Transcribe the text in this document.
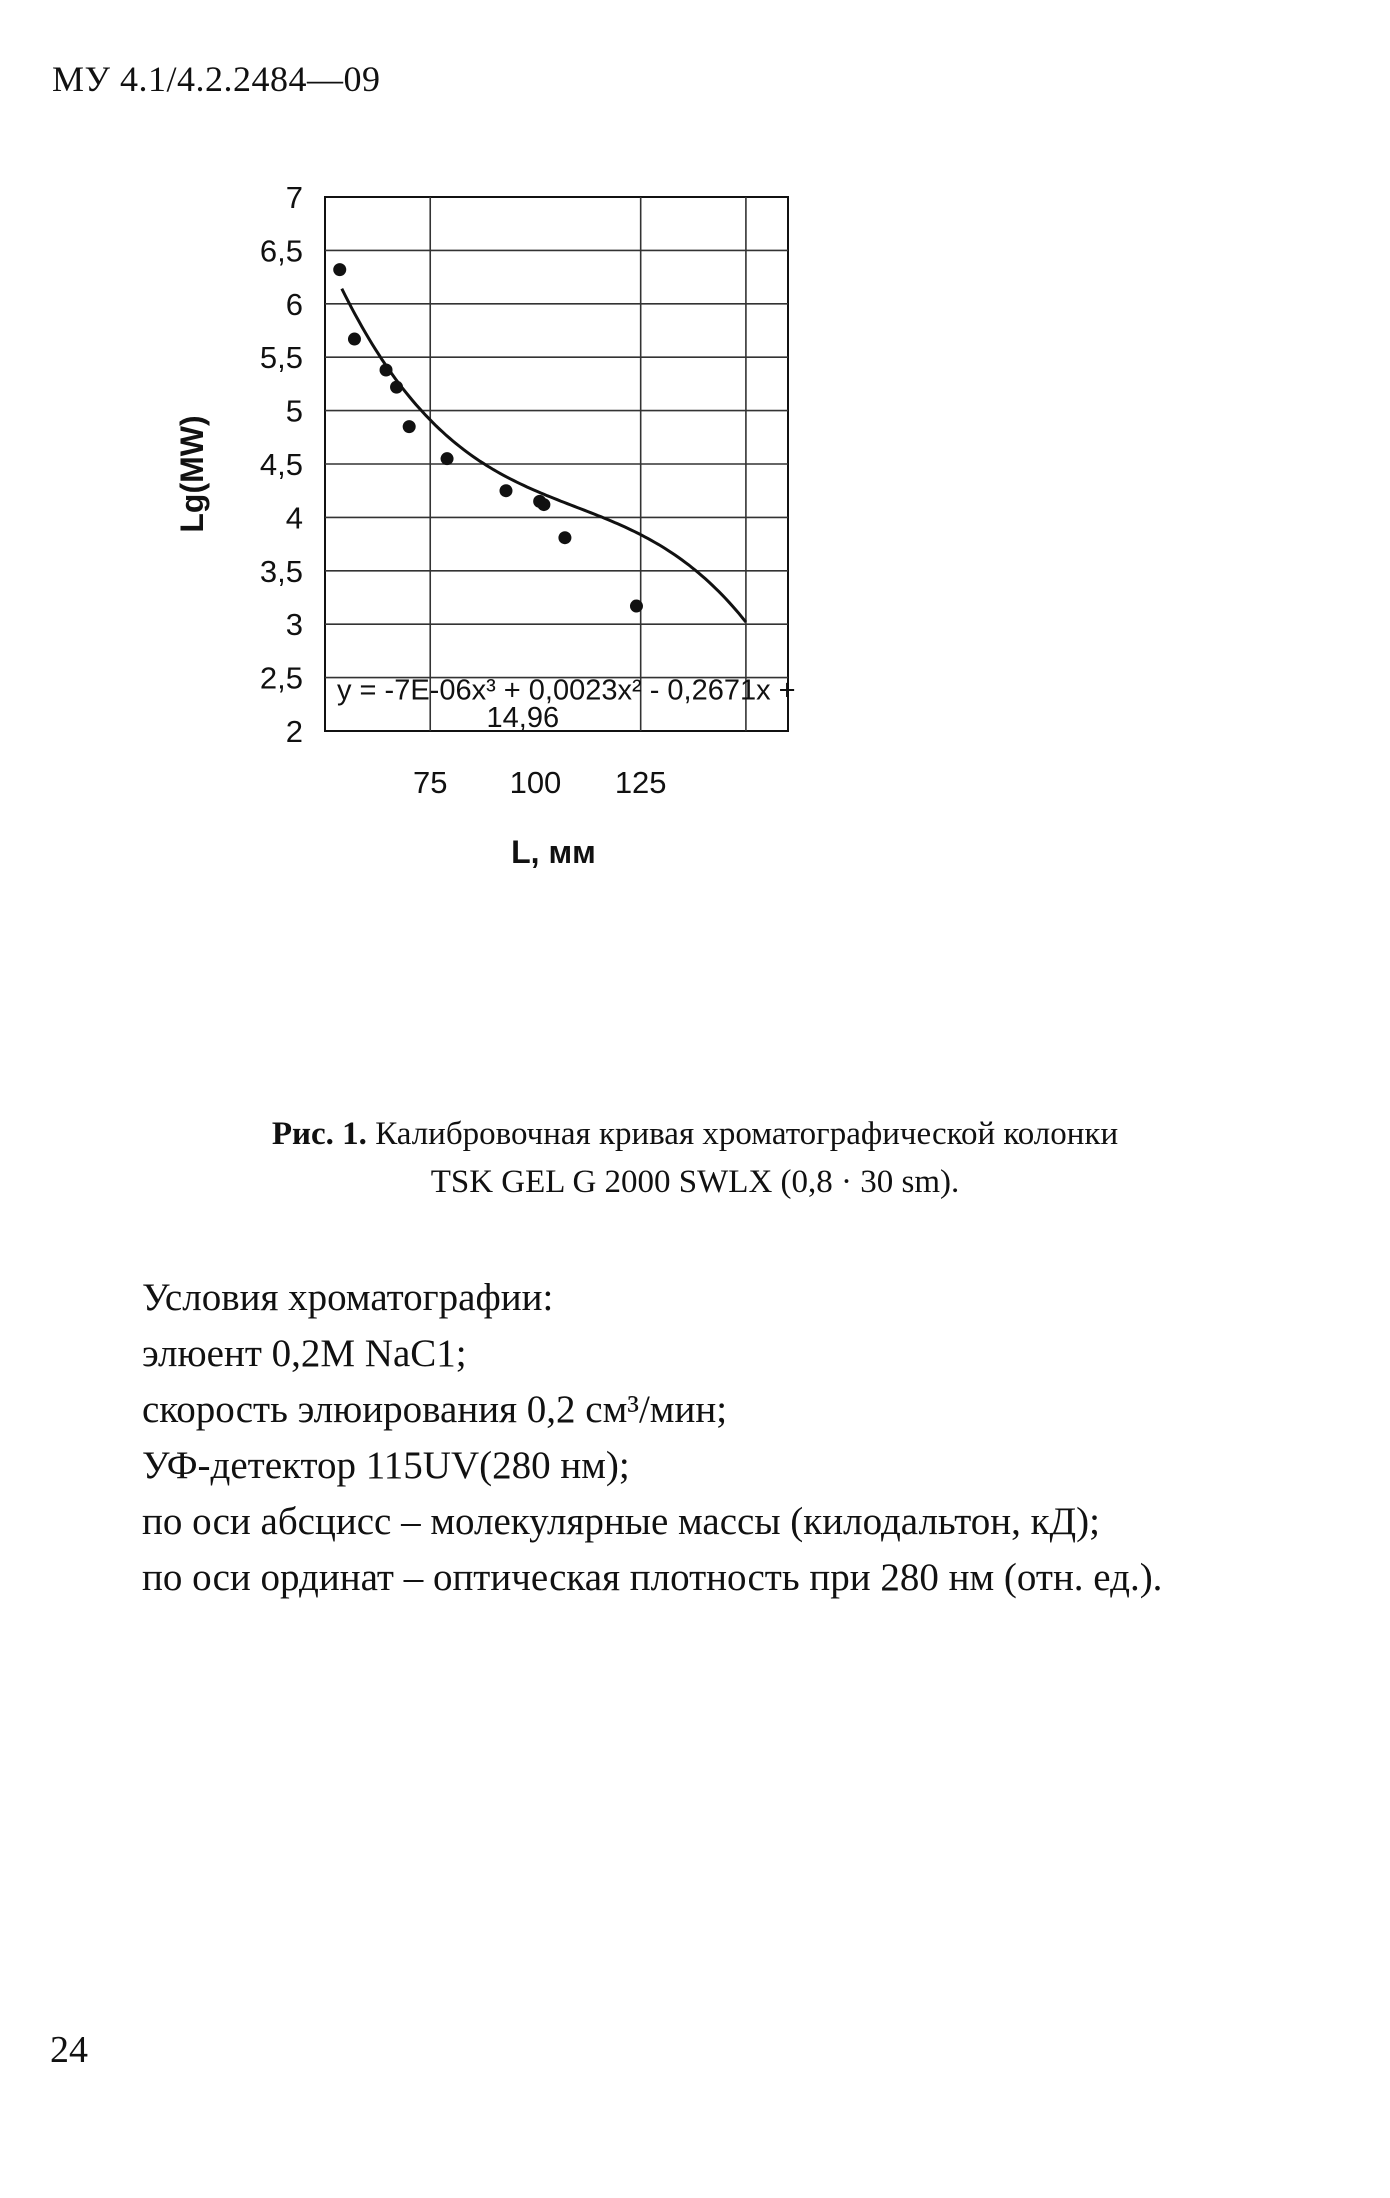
МУ 4.1/4.2.2484—09
2
2,5
3
3,5
4
4,5
5
5,5
6
6,5
7
75 100 125
y = -7E-06x³ + 0,0023x² - 0,2671x +
14,96
Lg(MW)
L, мм
Рис. 1. Калибровочная кривая хроматографической колонки
TSK GEL G 2000 SWLX (0,8 · 30 sm).
Условия хроматографии:
элюент 0,2М NaC1;
скорость элюирования 0,2 см³/мин;
УФ-детектор 115UV(280 нм);
по оси абсцисс – молекулярные массы (килодальтон, кД);
по оси ординат – оптическая плотность при 280 нм (отн. ед.).
24
